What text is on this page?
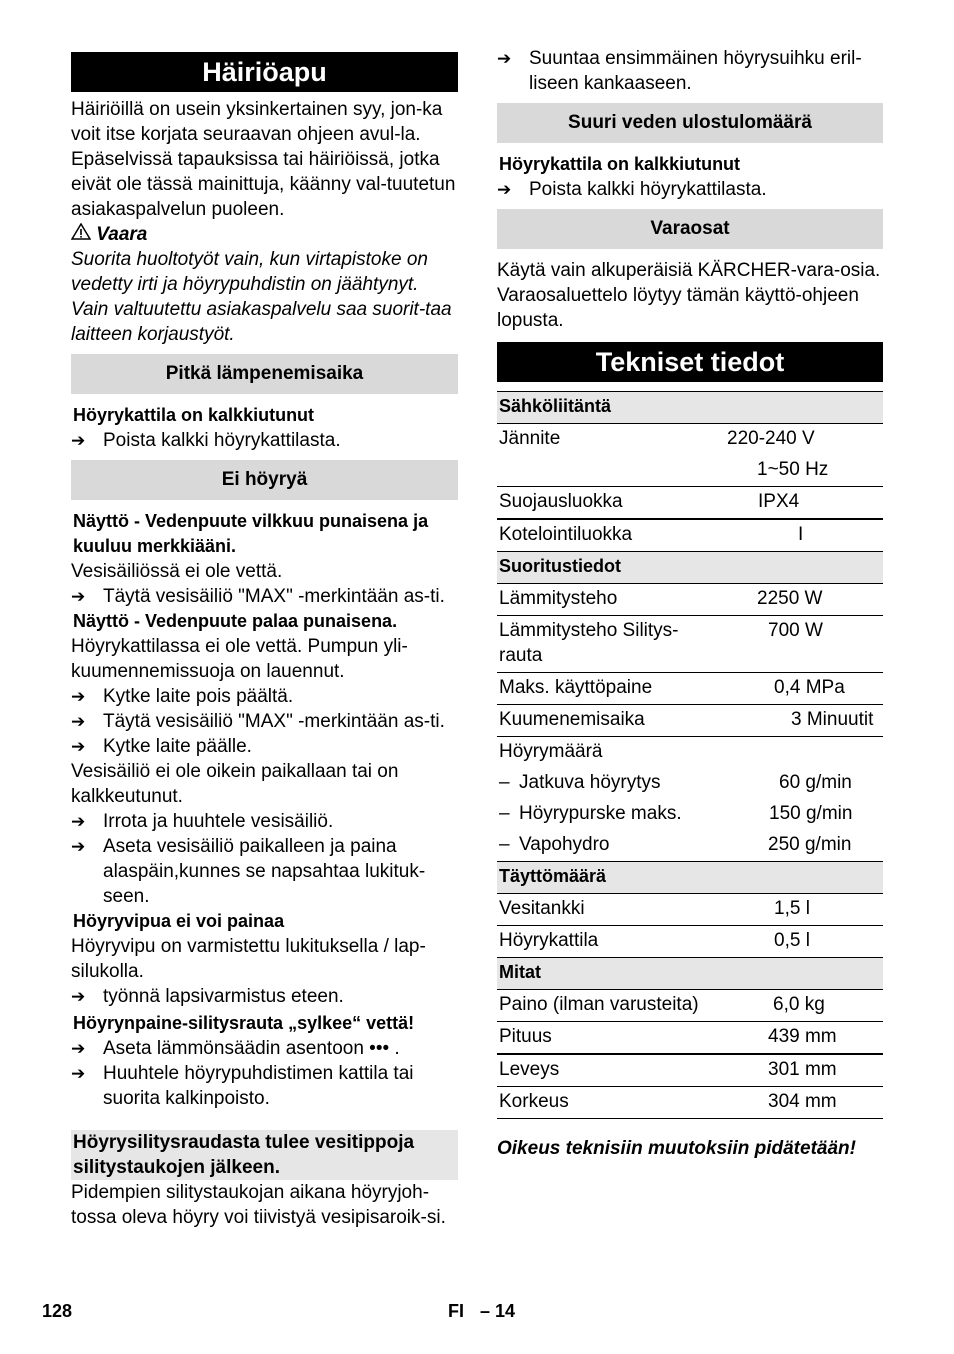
Häiriöapu
Häiriöillä on usein yksinkertainen syy, jon-ka voit itse korjata seuraavan ohjeen avul-la. Epäselvissä tapauksissa tai häiriöissä, jotka eivät ole tässä mainittuja, käänny val-tuutetun asiakaspalvelun puoleen.
Vaara
Suorita huoltotyöt vain, kun virtapistoke on vedetty irti ja höyrypuhdistin on jäähtynyt. Vain valtuutettu asiakaspalvelu saa suorit-taa laitteen korjaustyöt.
Pitkä lämpenemisaika
Höyrykattila on kalkkiutunut
➔ Poista kalkki höyrykattilasta.
Ei höyryä
Näyttö - Vedenpuute vilkkuu punaisena ja kuuluu merkkiääni.
Vesisäiliössä ei ole vettä.
➔ Täytä vesisäiliö "MAX" -merkintään as-ti.
Näyttö - Vedenpuute palaa punaisena.
Höyrykattilassa ei ole vettä. Pumpun yli-kuumennemissuoja on lauennut.
➔ Kytke laite pois päältä.
➔ Täytä vesisäiliö "MAX" -merkintään as-ti.
➔ Kytke laite päälle.
Vesisäiliö ei ole oikein paikallaan tai on kalkkeutunut.
➔ Irrota ja huuhtele vesisäiliö.
➔ Aseta vesisäiliö paikalleen ja paina alaspäin,kunnes se napsahtaa lukituk-seen.
Höyryvipua ei voi painaa
Höyryvipu on varmistettu lukituksella / lap-silukolla.
➔ työnnä lapsivarmistus eteen.
Höyrynpaine-silitysrauta „sylkee“ vettä!
➔ Aseta lämmönsäädin asentoon ••• .
➔ Huuhtele höyrypuhdistimen kattila tai suorita kalkinpoisto.
Höyrysilitysraudasta tulee vesitippoja silitystaukojen jälkeen.
Pidempien silitystaukojan aikana höyryjoh-tossa oleva höyry voi tiivistyä vesipisaroik-si.
➔ Suuntaa ensimmäinen höyrysuihku eril-liseen kankaaseen.
Suuri veden ulostulomäärä
Höyrykattila on kalkkiutunut
➔ Poista kalkki höyrykattilasta.
Varaosat
Käytä vain alkuperäisiä KÄRCHER-vara-osia. Varaosaluettelo löytyy tämän käyttö-ohjeen lopusta.
Tekniset tiedot
Sähköliitäntä	
Jännite	220-240 V
	1~50 Hz
Suojausluokka	IPX4
Kotelointiluokka	I
Suoritustiedot	
Lämmitysteho	2250 W
Lämmitysteho Silitys-rauta	700 W
Maks. käyttöpaine	0,4 MPa
Kuumenemisaika	3 Minuutit
Höyrymäärä	
– Jatkuva höyrytys	60 g/min
– Höyrypurske maks.	150 g/min
– Vapohydro	250 g/min
Täyttömäärä	
Vesitankki	1,5 l
Höyrykattila	0,5 l
Mitat	
Paino (ilman varusteita)	6,0 kg
Pituus	439 mm
Leveys	301 mm
Korkeus	304 mm
Oikeus teknisiin muutoksiin pidätetään!
128	FI – 14
